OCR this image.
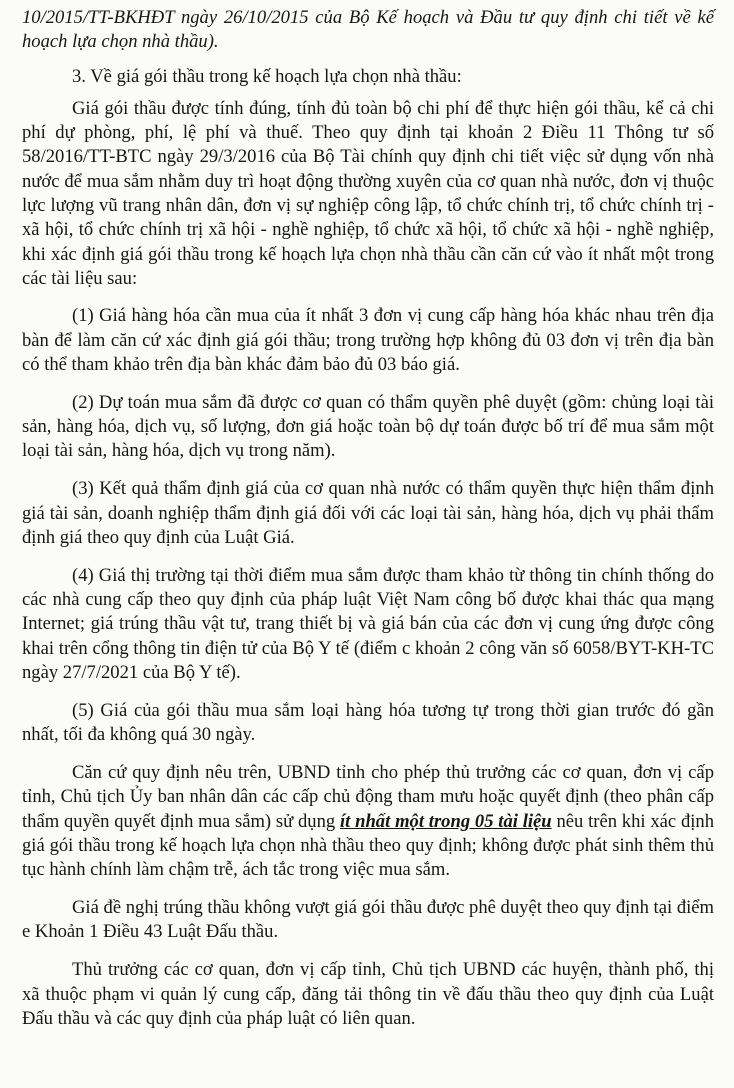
10/2015/TT-BKHĐT ngày 26/10/2015 của Bộ Kế hoạch và Đầu tư quy định chi tiết về kế hoạch lựa chọn nhà thầu).

3. Về giá gói thầu trong kế hoạch lựa chọn nhà thầu:

Giá gói thầu được tính đúng, tính đủ toàn bộ chi phí để thực hiện gói thầu, kể cả chi phí dự phòng, phí, lệ phí và thuế. Theo quy định tại khoản 2 Điều 11 Thông tư số 58/2016/TT-BTC ngày 29/3/2016 của Bộ Tài chính quy định chi tiết việc sử dụng vốn nhà nước để mua sắm nhằm duy trì hoạt động thường xuyên của cơ quan nhà nước, đơn vị thuộc lực lượng vũ trang nhân dân, đơn vị sự nghiệp công lập, tổ chức chính trị, tổ chức chính trị - xã hội, tổ chức chính trị xã hội - nghề nghiệp, tổ chức xã hội, tổ chức xã hội - nghề nghiệp, khi xác định giá gói thầu trong kế hoạch lựa chọn nhà thầu cần căn cứ vào ít nhất một trong các tài liệu sau:

(1) Giá hàng hóa cần mua của ít nhất 3 đơn vị cung cấp hàng hóa khác nhau trên địa bàn để làm căn cứ xác định giá gói thầu; trong trường hợp không đủ 03 đơn vị trên địa bàn có thể tham khảo trên địa bàn khác đảm bảo đủ 03 báo giá.

(2) Dự toán mua sắm đã được cơ quan có thẩm quyền phê duyệt (gồm: chủng loại tài sản, hàng hóa, dịch vụ, số lượng, đơn giá hoặc toàn bộ dự toán được bố trí để mua sắm một loại tài sản, hàng hóa, dịch vụ trong năm).

(3) Kết quả thẩm định giá của cơ quan nhà nước có thẩm quyền thực hiện thẩm định giá tài sản, doanh nghiệp thẩm định giá đối với các loại tài sản, hàng hóa, dịch vụ phải thẩm định giá theo quy định của Luật Giá.

(4) Giá thị trường tại thời điểm mua sắm được tham khảo từ thông tin chính thống do các nhà cung cấp theo quy định của pháp luật Việt Nam công bố được khai thác qua mạng Internet; giá trúng thầu vật tư, trang thiết bị và giá bán của các đơn vị cung ứng được công khai trên cổng thông tin điện tử của Bộ Y tế (điểm c khoản 2 công văn số 6058/BYT-KH-TC ngày 27/7/2021 của Bộ Y tế).

(5) Giá của gói thầu mua sắm loại hàng hóa tương tự trong thời gian trước đó gần nhất, tối đa không quá 30 ngày.

Căn cứ quy định nêu trên, UBND tỉnh cho phép thủ trưởng các cơ quan, đơn vị cấp tỉnh, Chủ tịch Ủy ban nhân dân các cấp chủ động tham mưu hoặc quyết định (theo phân cấp thẩm quyền quyết định mua sắm) sử dụng ít nhất một trong 05 tài liệu nêu trên khi xác định giá gói thầu trong kế hoạch lựa chọn nhà thầu theo quy định; không được phát sinh thêm thủ tục hành chính làm chậm trễ, ách tắc trong việc mua sắm.

Giá đề nghị trúng thầu không vượt giá gói thầu được phê duyệt theo quy định tại điểm e Khoản 1 Điều 43 Luật Đấu thầu.

Thủ trưởng các cơ quan, đơn vị cấp tỉnh, Chủ tịch UBND các huyện, thành phố, thị xã thuộc phạm vi quản lý cung cấp, đăng tải thông tin về đấu thầu theo quy định của Luật Đấu thầu và các quy định của pháp luật có liên quan.
